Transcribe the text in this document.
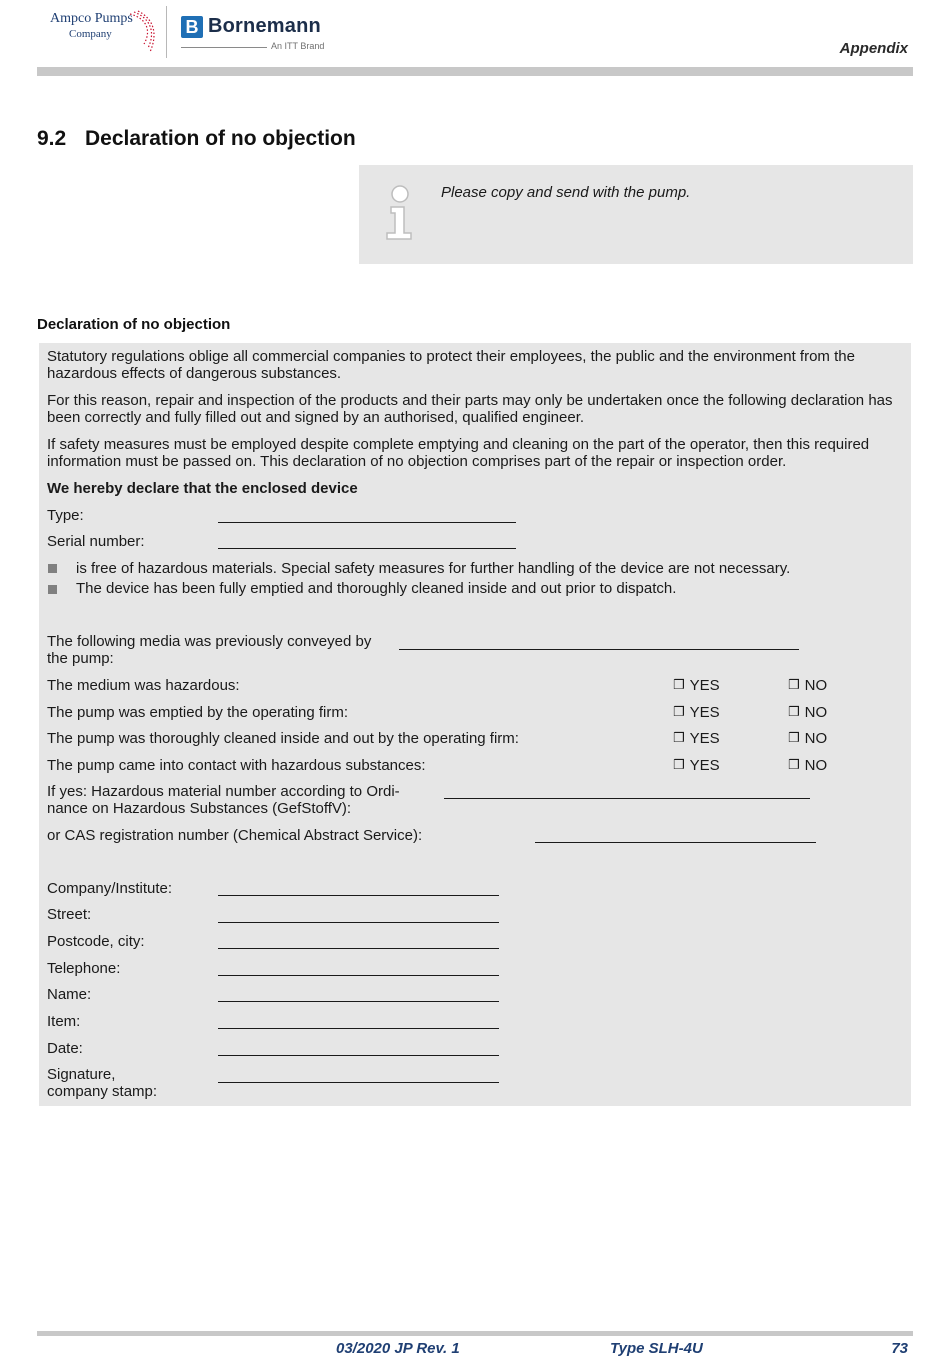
Ampco Pumps
Company	B Bornemann
An ITT Brand	Appendix
9.2 Declaration of no objection
Please copy and send with the pump.
Declaration of no objection
Statutory regulations oblige all commercial companies to protect their employees, the public and the environment from the hazardous effects of dangerous substances.
For this reason, repair and inspection of the products and their parts may only be undertaken once the following declaration has been correctly and fully filled out and signed by an authorised, qualified engineer.
If safety measures must be employed despite complete emptying and cleaning on the part of the operator, then this required information must be passed on. This declaration of no objection comprises part of the repair or inspection order.
We hereby declare that the enclosed device
Type:
Serial number:
is free of hazardous materials. Special safety measures for further handling of the device are not necessary.
The device has been fully emptied and thoroughly cleaned inside and out prior to dispatch.
The following media was previously conveyed by
the pump:
The medium was hazardous:	❒ YES	❒ NO
The pump was emptied by the operating firm:	❒ YES	❒ NO
The pump was thoroughly cleaned inside and out by the operating firm:	❒ YES	❒ NO
The pump came into contact with hazardous substances:	❒ YES	❒ NO
If yes: Hazardous material number according to Ordi-
nance on Hazardous Substances (GefStoffV):
or CAS registration number (Chemical Abstract Service):
Company/Institute:
Street:
Postcode, city:
Telephone:
Name:
Item:
Date:
Signature,
company stamp:
03/2020 JP Rev. 1	Type SLH-4U	73
